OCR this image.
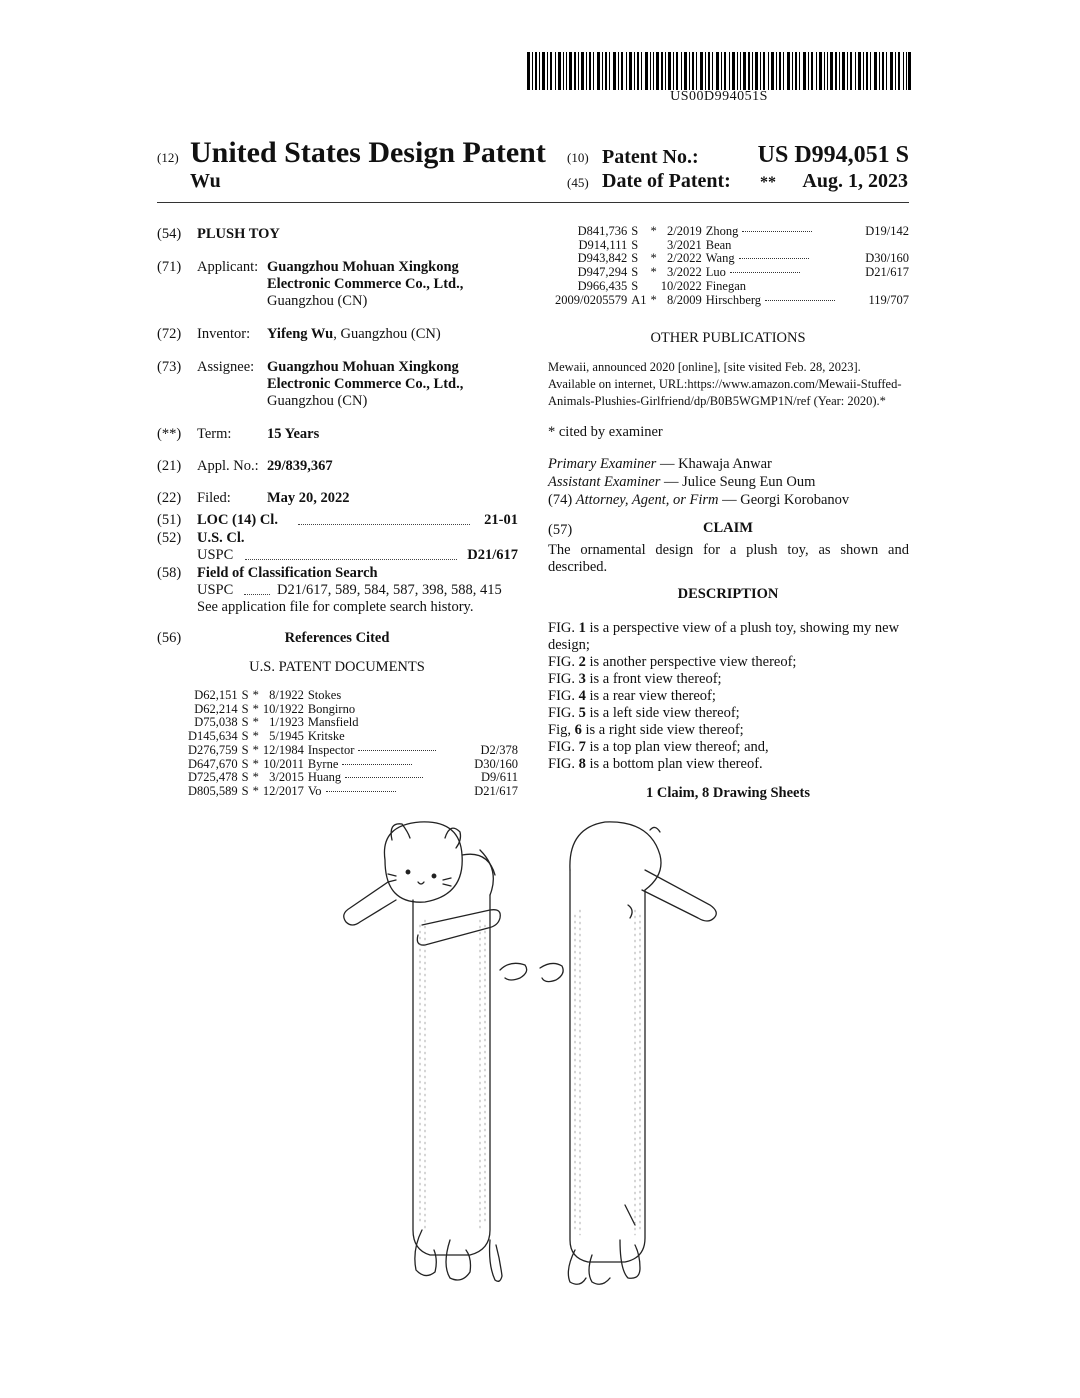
US00D994051S
(12) United States Design Patent
Wu
(10) Patent No.: US D994,051 S
(45) Date of Patent: ** Aug. 1, 2023
(54) PLUSH TOY
(71) Applicant: Guangzhou Mohuan Xingkong
Electronic Commerce Co., Ltd.,
Guangzhou (CN)
(72) Inventor: Yifeng Wu, Guangzhou (CN)
(73) Assignee: Guangzhou Mohuan Xingkong
Electronic Commerce Co., Ltd.,
Guangzhou (CN)
(**) Term: 15 Years
(21) Appl. No.: 29/839,367
(22) Filed: May 20, 2022
(51) LOC (14) Cl.	21-01
(52) U.S. Cl.
USPC	D21/617
(58) Field of Classification Search
USPC	D21/617, 589, 584, 587, 398, 588, 415
See application file for complete search history.
(56)	References Cited
U.S. PATENT DOCUMENTS
D62,151	S	*	8/1922	Stokes	
D62,214	S	*	10/1922	Bongirno	
D75,038	S	*	1/1923	Mansfield	
D145,634	S	*	5/1945	Kritske	
D276,759	S	*	12/1984	Inspector	D2/378
D647,670	S	*	10/2011	Byrne	D30/160
D725,478	S	*	3/2015	Huang	D9/611
D805,589	S	*	12/2017	Vo	D21/617
D841,736	S	*	2/2019	Zhong	D19/142
D914,111	S		3/2021	Bean	
D943,842	S	*	2/2022	Wang	D30/160
D947,294	S	*	3/2022	Luo	D21/617
D966,435	S		10/2022	Finegan	
2009/0205579	A1	*	8/2009	Hirschberg	119/707
OTHER PUBLICATIONS
Mewaii, announced 2020 [online], [site visited Feb. 28, 2023].
Available on internet, URL:https://www.amazon.com/Mewaii-Stuffed-
Animals-Plushies-Girlfriend/dp/B0B5WGMP1N/ref (Year: 2020).*
* cited by examiner
Primary Examiner — Khawaja Anwar
Assistant Examiner — Julice Seung Eun Oum
(74) Attorney, Agent, or Firm — Georgi Korobanov
(57)	CLAIM
The ornamental design for a plush toy, as shown and
described.
DESCRIPTION
FIG. 1 is a perspective view of a plush toy, showing my new
design;
FIG. 2 is another perspective view thereof;
FIG. 3 is a front view thereof;
FIG. 4 is a rear view thereof;
FIG. 5 is a left side view thereof;
Fig, 6 is a right side view thereof;
FIG. 7 is a top plan view thereof; and,
FIG. 8 is a bottom plan view thereof.
1 Claim, 8 Drawing Sheets
